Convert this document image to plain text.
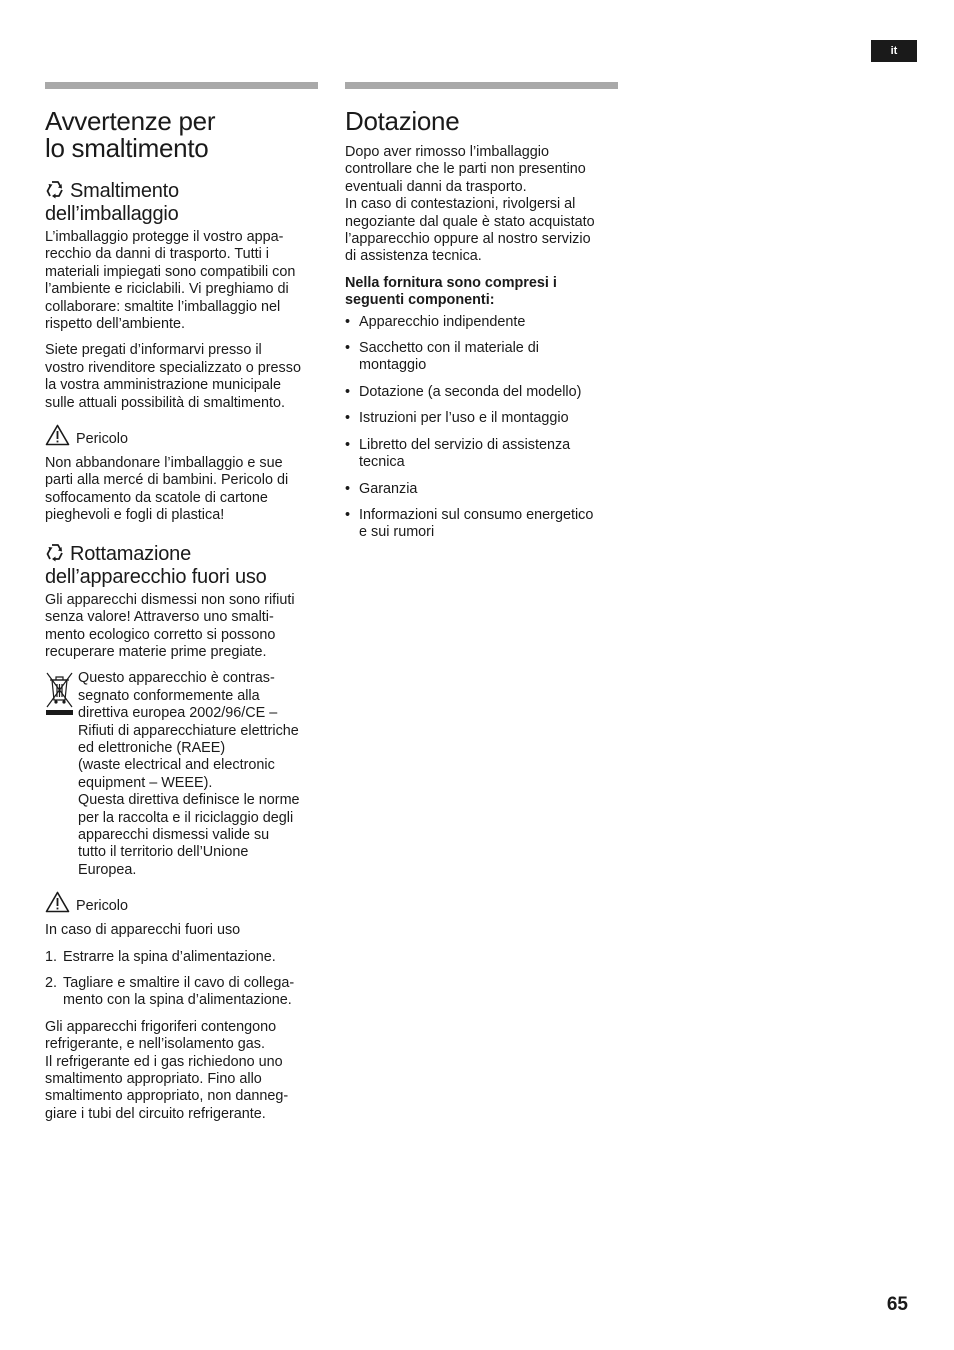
it
Avvertenze per
lo smaltimento
Smaltimento
dell’imballaggio

L’imballaggio protegge il vostro appa-
recchio da danni di trasporto. Tutti i
materiali impiegati sono compatibili con
l’ambiente e riciclabili. Vi preghiamo di
collaborare: smaltite l’imballaggio nel
rispetto dell’ambiente.

Siete pregati d’informarvi presso il
vostro rivenditore specializzato o presso
la vostra amministrazione municipale
sulle attuali possibilità di smaltimento.

Pericolo

Non abbandonare l’imballaggio e sue
parti alla mercé di bambini. Pericolo di
soffocamento da scatole di cartone
pieghevoli e fogli di plastica!

Rottamazione
dell’apparecchio fuori uso

Gli apparecchi dismessi non sono rifiuti
senza valore! Attraverso uno smalti-
mento ecologico corretto si possono
recuperare materie prime pregiate.

Questo apparecchio è contras-
segnato conformemente alla
direttiva europea 2002/96/CE –
Rifiuti di apparecchiature elettriche
ed elettroniche (RAEE)
(waste electrical and electronic
equipment – WEEE).
Questa direttiva definisce le norme
per la raccolta e il riciclaggio degli
apparecchi dismessi valide su
tutto il territorio dell’Unione
Europea.

Pericolo

In caso di apparecchi fuori uso

1. Estrarre la spina d’alimentazione.
2. Tagliare e smaltire il cavo di collega-
mento con la spina d’alimentazione.

Gli apparecchi frigoriferi contengono
refrigerante, e nell’isolamento gas.
Il refrigerante ed i gas richiedono uno
smaltimento appropriato. Fino allo
smaltimento appropriato, non danneg-
giare i tubi del circuito refrigerante.

Dotazione

Dopo aver rimosso l’imballaggio
controllare che le parti non presentino
eventuali danni da trasporto.
In caso di contestazioni, rivolgersi al
negoziante dal quale è stato acquistato
l’apparecchio oppure al nostro servizio
di assistenza tecnica.

Nella fornitura sono compresi i
seguenti componenti:

• Apparecchio indipendente
• Sacchetto con il materiale di
montaggio
• Dotazione (a seconda del modello)
• Istruzioni per l’uso e il montaggio
• Libretto del servizio di assistenza
tecnica
• Garanzia
• Informazioni sul consumo energetico
e sui rumori
65
